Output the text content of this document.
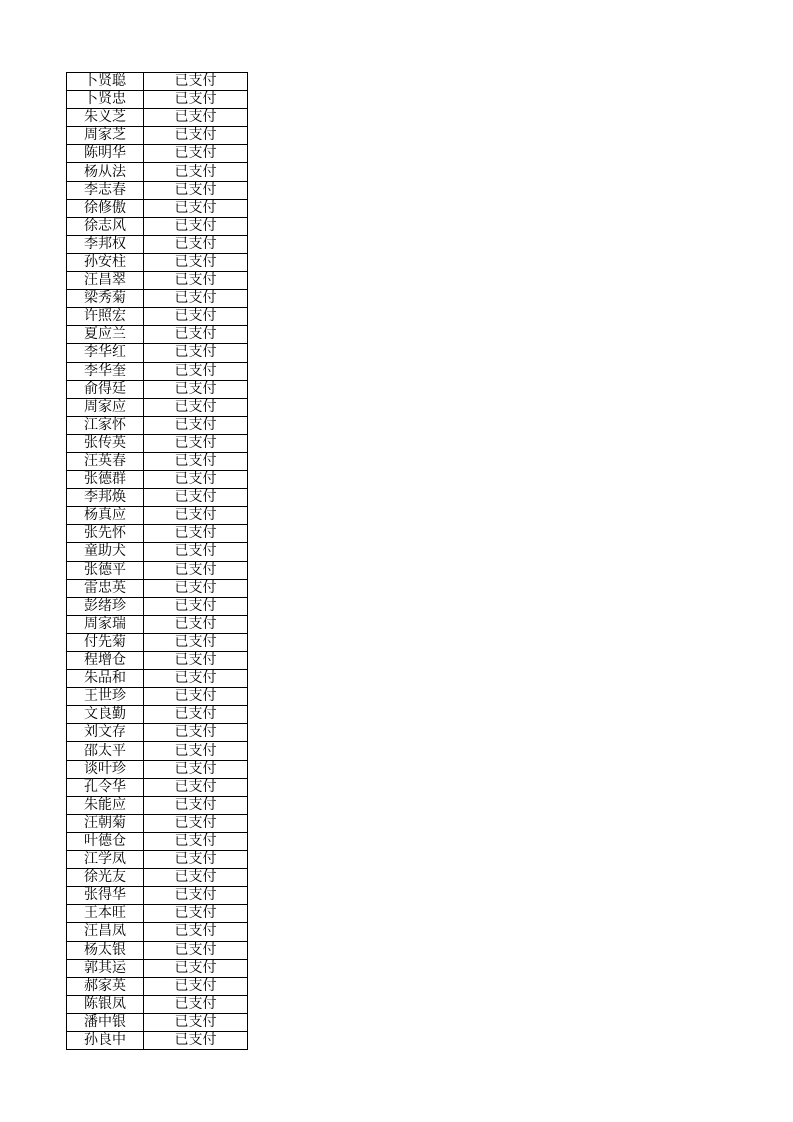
卜贤聪	已支付
卜贤忠	已支付
朱义芝	已支付
周家芝	已支付
陈明华	已支付
杨从法	已支付
李志春	已支付
徐修傲	已支付
徐志风	已支付
李邦权	已支付
孙安柱	已支付
汪昌翠	已支付
梁秀菊	已支付
许照宏	已支付
夏应兰	已支付
李华红	已支付
李华奎	已支付
俞得廷	已支付
周家应	已支付
江家怀	已支付
张传英	已支付
汪英春	已支付
张德群	已支付
李邦焕	已支付
杨真应	已支付
张先怀	已支付
童助犬	已支付
张德平	已支付
雷忠英	已支付
彭绪珍	已支付
周家瑞	已支付
付先菊	已支付
程增仓	已支付
朱品和	已支付
王世珍	已支付
文良勤	已支付
刘文存	已支付
邵太平	已支付
谈叶珍	已支付
孔令华	已支付
朱能应	已支付
汪朝菊	已支付
叶德仓	已支付
江学凤	已支付
徐光友	已支付
张得华	已支付
王本旺	已支付
汪昌凤	已支付
杨太银	已支付
郭其运	已支付
郝家英	已支付
陈银凤	已支付
潘中银	已支付
孙良中	已支付
